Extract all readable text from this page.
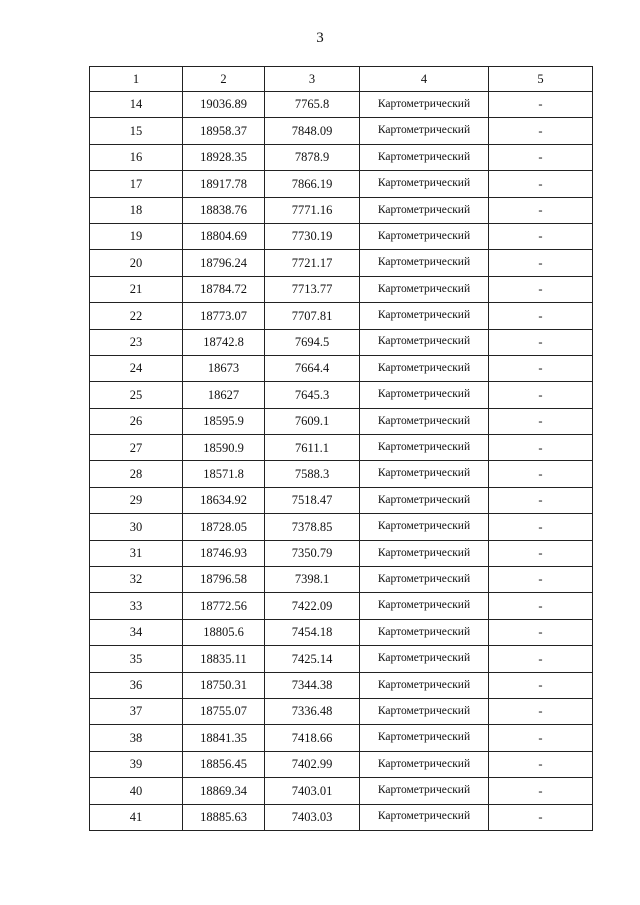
3
1	2	3	4	5
14	19036.89	7765.8	Картометрический	-
15	18958.37	7848.09	Картометрический	-
16	18928.35	7878.9	Картометрический	-
17	18917.78	7866.19	Картометрический	-
18	18838.76	7771.16	Картометрический	-
19	18804.69	7730.19	Картометрический	-
20	18796.24	7721.17	Картометрический	-
21	18784.72	7713.77	Картометрический	-
22	18773.07	7707.81	Картометрический	-
23	18742.8	7694.5	Картометрический	-
24	18673	7664.4	Картометрический	-
25	18627	7645.3	Картометрический	-
26	18595.9	7609.1	Картометрический	-
27	18590.9	7611.1	Картометрический	-
28	18571.8	7588.3	Картометрический	-
29	18634.92	7518.47	Картометрический	-
30	18728.05	7378.85	Картометрический	-
31	18746.93	7350.79	Картометрический	-
32	18796.58	7398.1	Картометрический	-
33	18772.56	7422.09	Картометрический	-
34	18805.6	7454.18	Картометрический	-
35	18835.11	7425.14	Картометрический	-
36	18750.31	7344.38	Картометрический	-
37	18755.07	7336.48	Картометрический	-
38	18841.35	7418.66	Картометрический	-
39	18856.45	7402.99	Картометрический	-
40	18869.34	7403.01	Картометрический	-
41	18885.63	7403.03	Картометрический	-
